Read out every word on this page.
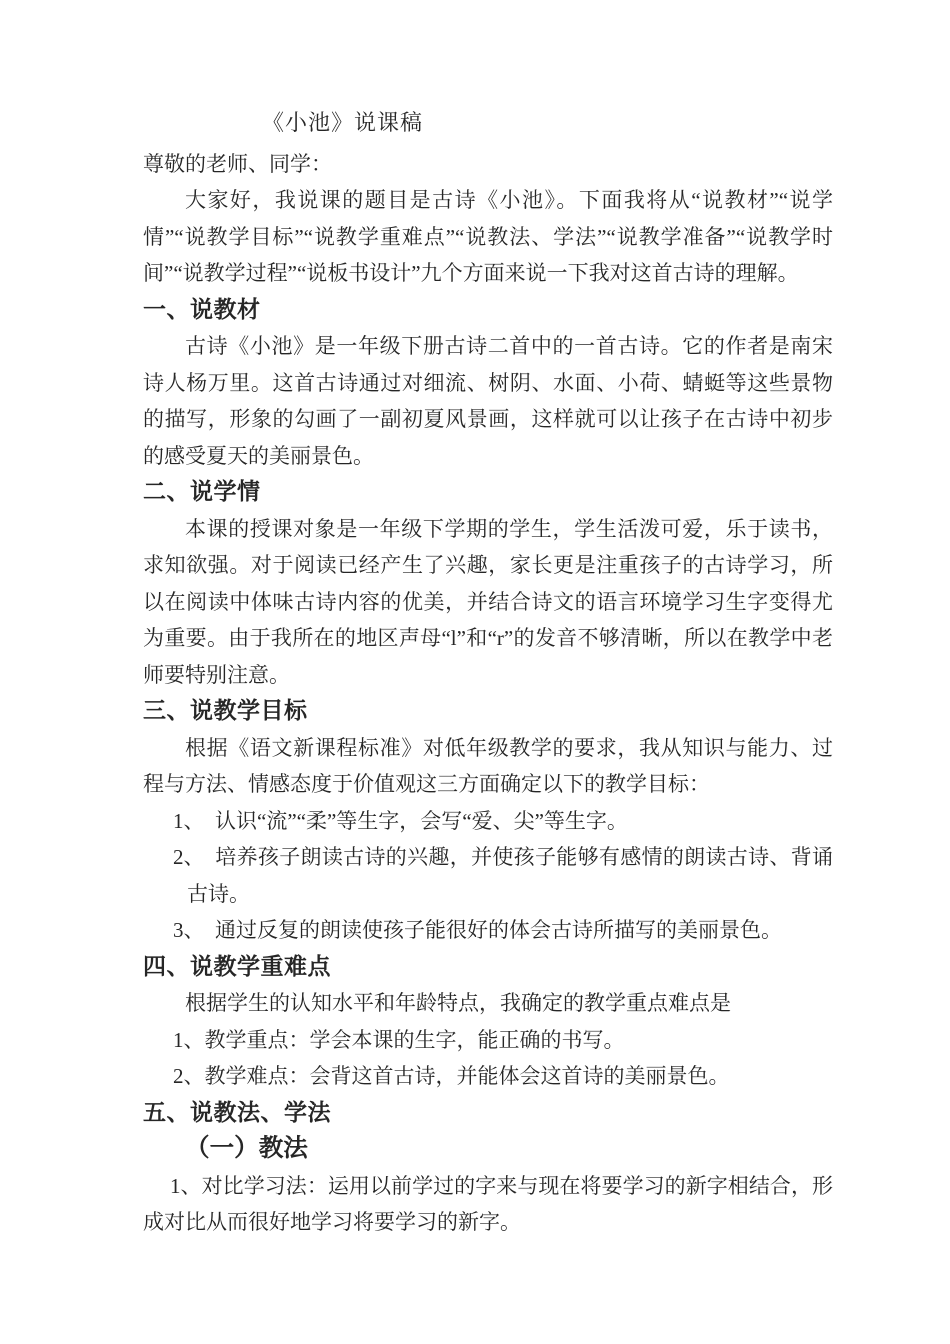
《小池》说课稿

尊敬的老师、同学：

大家好，我说课的题目是古诗《小池》。下面我将从“说教材”“说学情”“说教学目标”“说教学重难点”“说教法、学法”“说教学准备”“说教学时间”“说教学过程”“说板书设计”九个方面来说一下我对这首古诗的理解。

一、说教材

古诗《小池》是一年级下册古诗二首中的一首古诗。它的作者是南宋诗人杨万里。这首古诗通过对细流、树阴、水面、小荷、蜻蜓等这些景物的描写，形象的勾画了一副初夏风景画，这样就可以让孩子在古诗中初步的感受夏天的美丽景色。

二、说学情

本课的授课对象是一年级下学期的学生，学生活泼可爱，乐于读书，求知欲强。对于阅读已经产生了兴趣，家长更是注重孩子的古诗学习，所以在阅读中体味古诗内容的优美，并结合诗文的语言环境学习生字变得尤为重要。由于我所在的地区声母“l”和“r”的发音不够清晰，所以在教学中老师要特别注意。

三、说教学目标

根据《语文新课程标准》对低年级教学的要求，我从知识与能力、过程与方法、情感态度于价值观这三方面确定以下的教学目标：

1、 认识“流”“柔”等生字，会写“爱、尖”等生字。

2、 培养孩子朗读古诗的兴趣，并使孩子能够有感情的朗读古诗、背诵古诗。

3、 通过反复的朗读使孩子能很好的体会古诗所描写的美丽景色。

四、说教学重难点

根据学生的认知水平和年龄特点，我确定的教学重点难点是

1、教学重点：学会本课的生字，能正确的书写。

2、教学难点：会背这首古诗，并能体会这首诗的美丽景色。

五、说教法、学法
（一）教法

1、对比学习法：运用以前学过的字来与现在将要学习的新字相结合，形成对比从而很好地学习将要学习的新字。
